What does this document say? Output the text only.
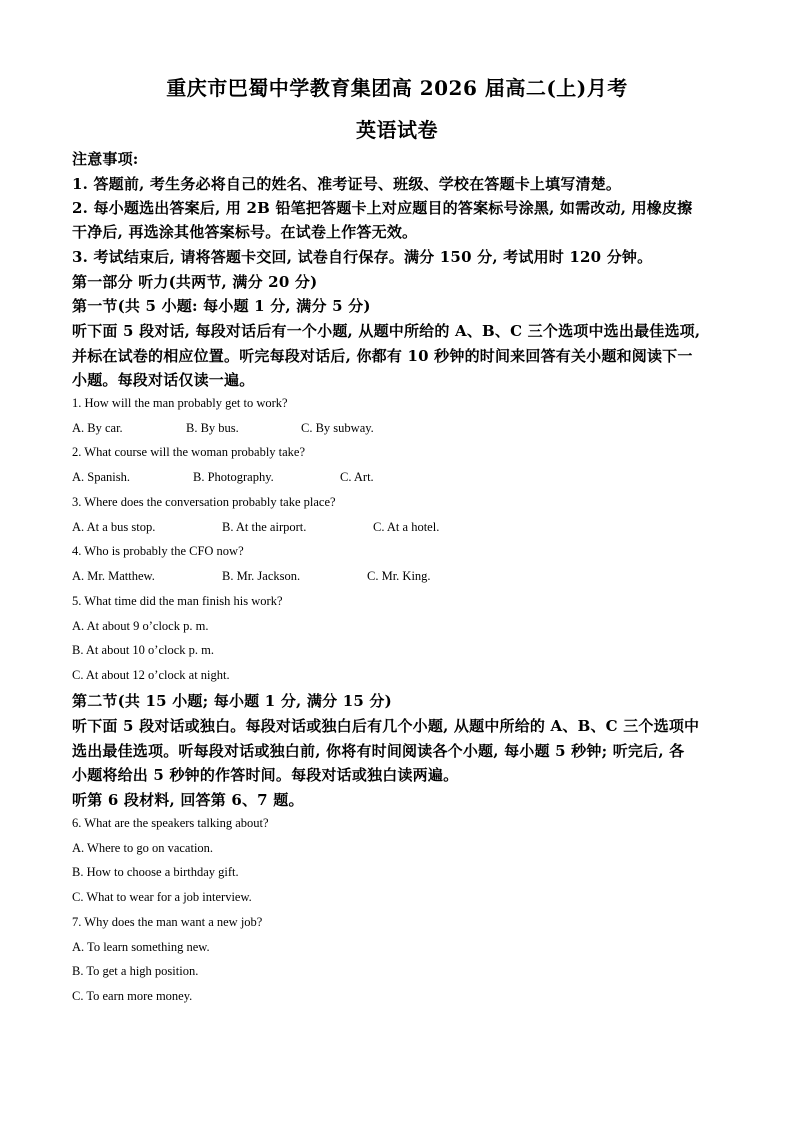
重庆市巴蜀中学教育集团高 2026 届高二(上)月考
英语试卷
注意事项:
1. 答题前, 考生务必将自己的姓名、准考证号、班级、学校在答题卡上填写清楚。
2. 每小题选出答案后, 用 2B 铅笔把答题卡上对应题目的答案标号涂黑, 如需改动, 用橡皮擦
干净后, 再选涂其他答案标号。在试卷上作答无效。
3. 考试结束后, 请将答题卡交回, 试卷自行保存。满分 150 分, 考试用时 120 分钟。
第一部分 听力(共两节, 满分 20 分)
第一节(共 5 小题: 每小题 1 分, 满分 5 分)
听下面 5 段对话, 每段对话后有一个小题, 从题中所给的 A、B、C 三个选项中选出最佳选项,
并标在试卷的相应位置。听完每段对话后, 你都有 10 秒钟的时间来回答有关小题和阅读下一
小题。每段对话仅读一遍。
1. How will the man probably get to work?
A. By car.	B. By bus.	C. By subway.
2. What course will the woman probably take?
A. Spanish.	B. Photography.	C. Art.
3. Where does the conversation probably take place?
A. At a bus stop.	B. At the airport.	C. At a hotel.
4. Who is probably the CFO now?
A. Mr. Matthew.	B. Mr. Jackson.	C. Mr. King.
5. What time did the man finish his work?
A. At about 9 o’clock p. m.
B. At about 10 o’clock p. m.
C. At about 12 o’clock at night.
第二节(共 15 小题; 每小题 1 分, 满分 15 分)
听下面 5 段对话或独白。每段对话或独白后有几个小题, 从题中所给的 A、B、C 三个选项中
选出最佳选项。听每段对话或独白前, 你将有时间阅读各个小题, 每小题 5 秒钟; 听完后, 各
小题将给出 5 秒钟的作答时间。每段对话或独白读两遍。
听第 6 段材料, 回答第 6、7 题。
6. What are the speakers talking about?
A. Where to go on vacation.
B. How to choose a birthday gift.
C. What to wear for a job interview.
7. Why does the man want a new job?
A. To learn something new.
B. To get a high position.
C. To earn more money.
